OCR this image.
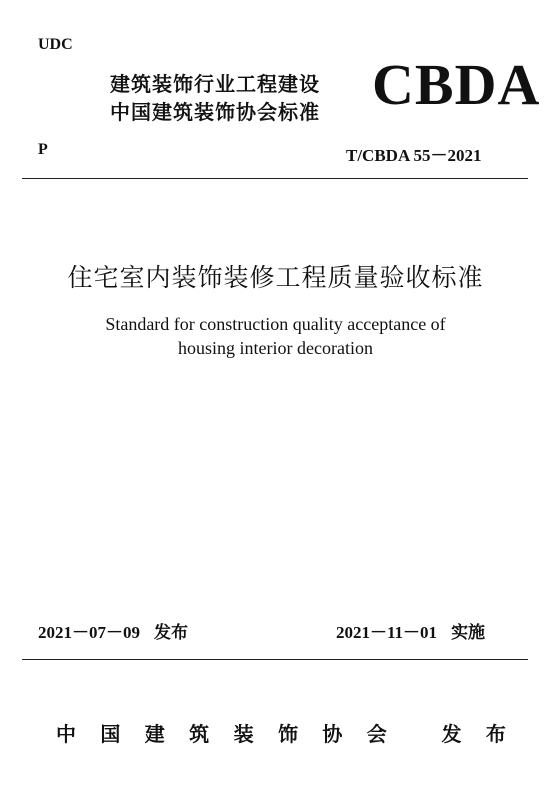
UDC
建筑装饰行业工程建设
中国建筑装饰协会标准 CBDA
P	T/CBDA 55－2021
住宅室内装饰装修工程质量验收标准
Standard for construction quality acceptance of
housing interior decoration
2021－07－09 发布	2021－11－01 实施
中 国 建 筑 装 饰 协 会	发 布
